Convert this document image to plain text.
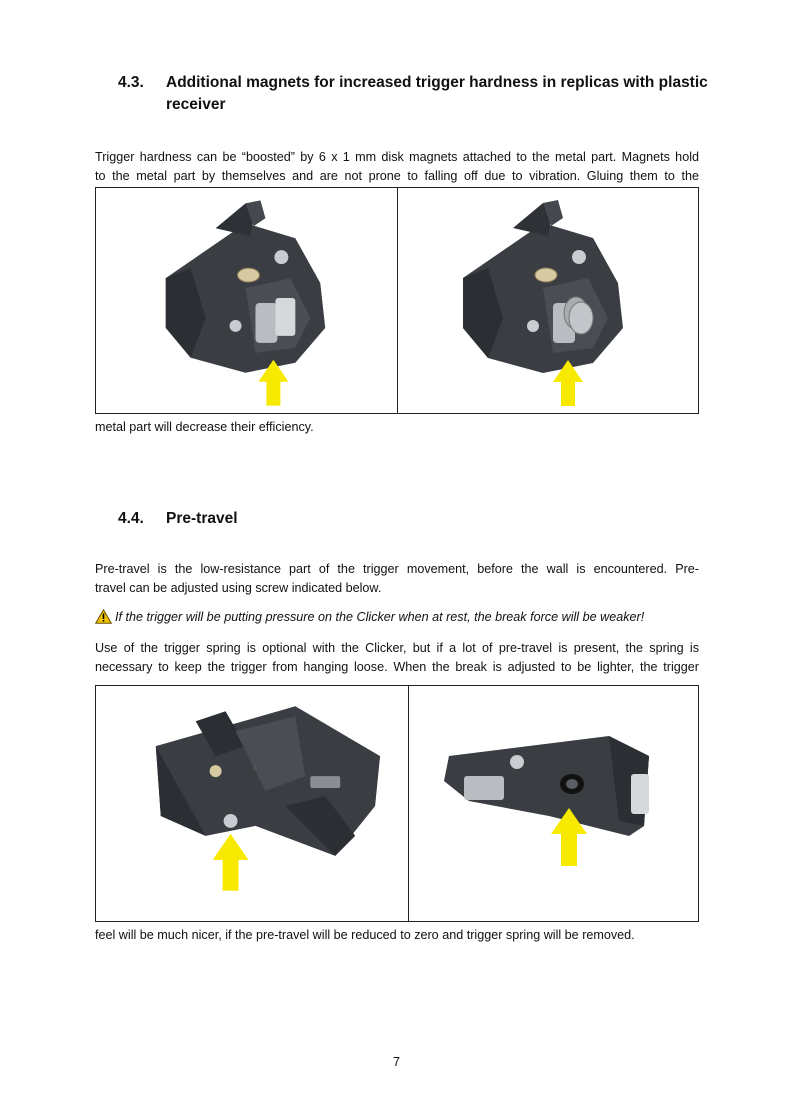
4.3. Additional magnets for increased trigger hardness in replicas with plastic receiver
Trigger hardness can be “boosted” by 6 x 1 mm disk magnets attached to the metal part. Magnets hold
to the metal part by themselves and are not prone to falling off due to vibration. Gluing them to the
metal part will decrease their efficiency.
4.4. Pre-travel
Pre-travel is the low-resistance part of the trigger movement, before the wall is encountered. Pre-
travel can be adjusted using screw indicated below.
If the trigger will be putting pressure on the Clicker when at rest, the break force will be weaker!
Use of the trigger spring is optional with the Clicker, but if a lot of pre-travel is present, the spring is
necessary to keep the trigger from hanging loose. When the break is adjusted to be lighter, the trigger
feel will be much nicer, if the pre-travel will be reduced to zero and trigger spring will be removed.
7
